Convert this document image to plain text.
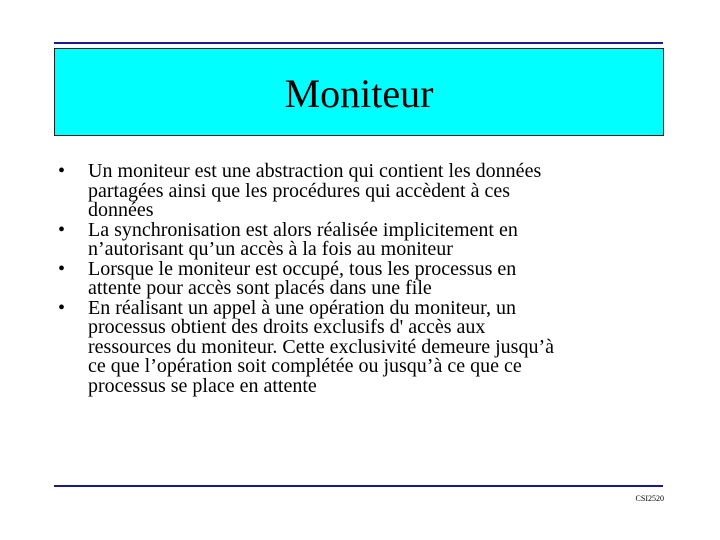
Moniteur
•	Un moniteur est une abstraction qui contient les données
partagées ainsi que les procédures qui accèdent à ces
données
•	La synchronisation est alors réalisée implicitement en
n’autorisant qu’un accès à la fois au moniteur
•	Lorsque le moniteur est occupé, tous les processus en
attente pour accès sont placés dans une file
•	En réalisant un appel à une opération du moniteur, un
processus obtient des droits exclusifs d' accès aux
ressources du moniteur. Cette exclusivité demeure jusqu’à
ce que l’opération soit complétée ou jusqu’à ce que ce
processus se place en attente
CSI2520
